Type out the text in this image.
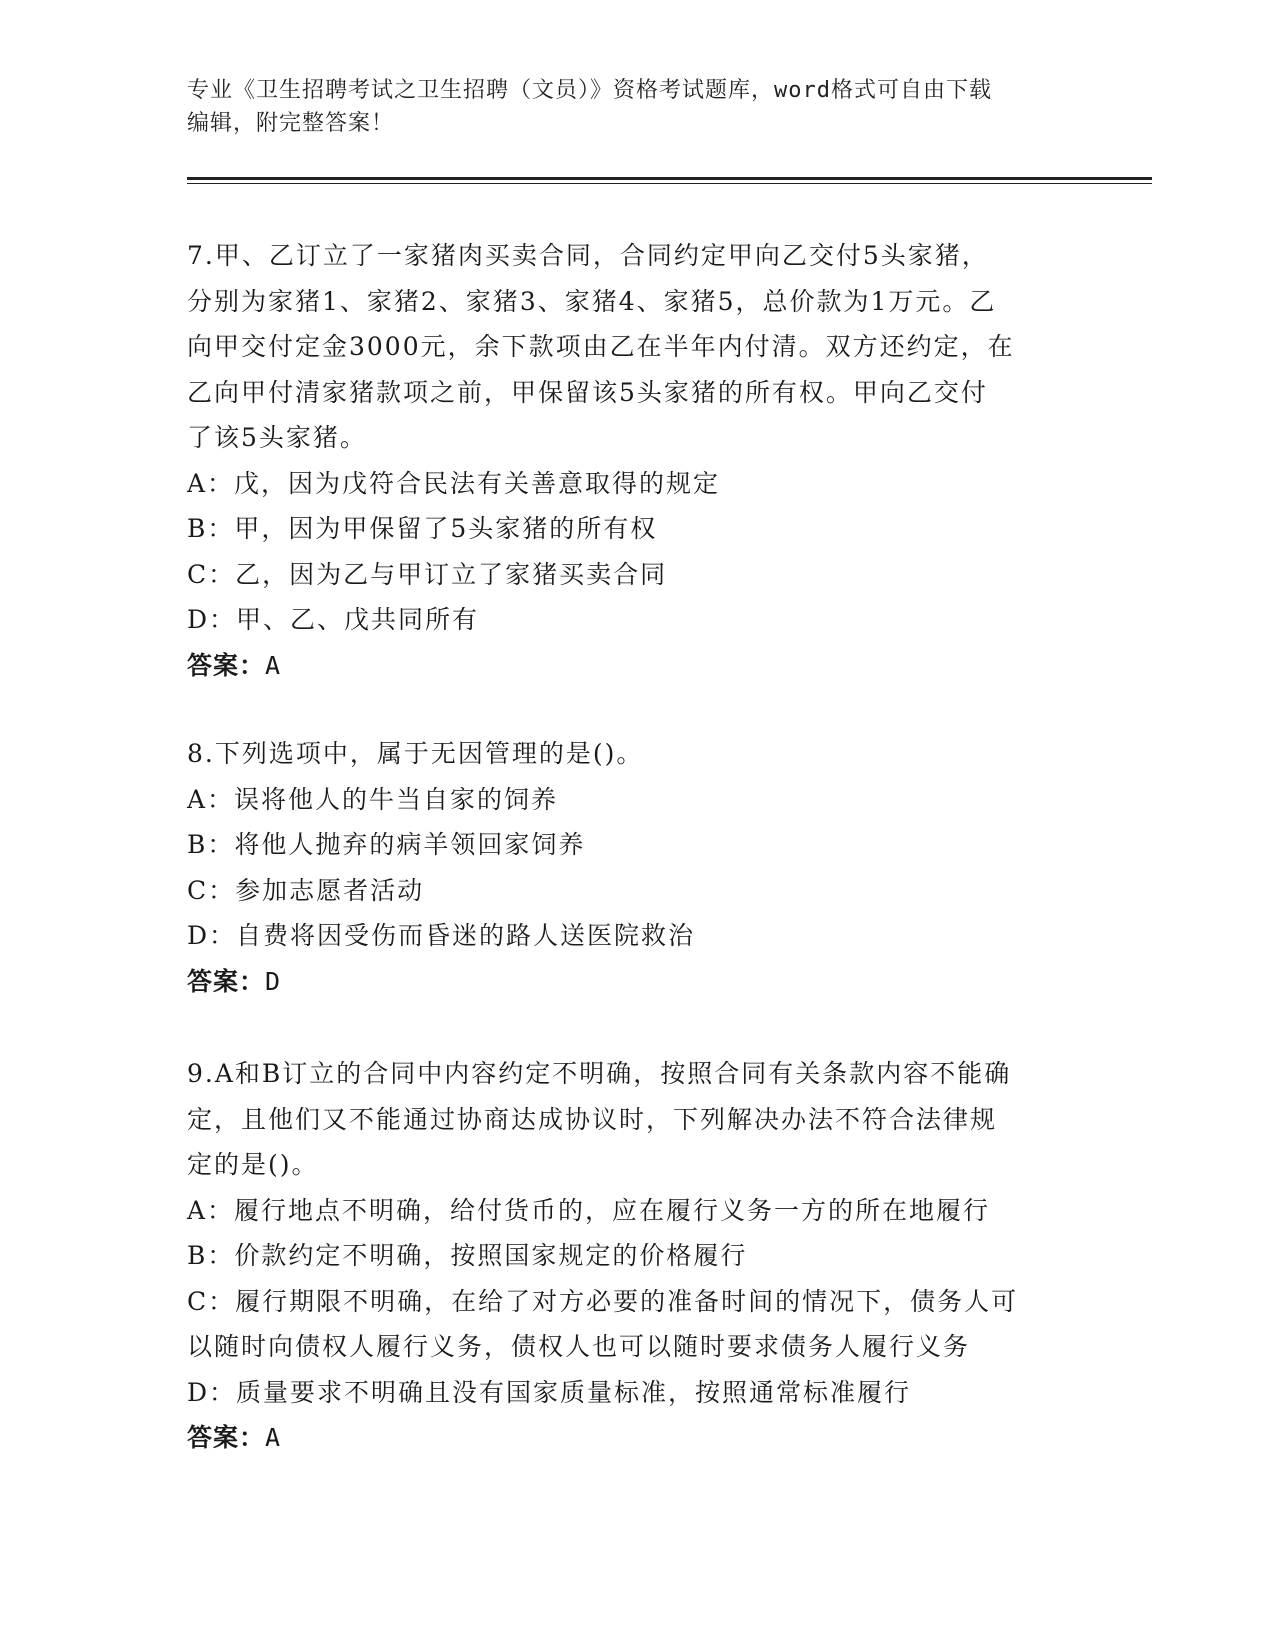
专业《卫生招聘考试之卫生招聘（文员）》资格考试题库，word格式可自由下载
编辑，附完整答案！
7.甲、乙订立了一家猪肉买卖合同，合同约定甲向乙交付5头家猪，
分别为家猪1、家猪2、家猪3、家猪4、家猪5，总价款为1万元。乙
向甲交付定金3000元，余下款项由乙在半年内付清。双方还约定，在
乙向甲付清家猪款项之前，甲保留该5头家猪的所有权。甲向乙交付
了该5头家猪。
A：戊，因为戊符合民法有关善意取得的规定
B：甲，因为甲保留了5头家猪的所有权
C：乙，因为乙与甲订立了家猪买卖合同
D：甲、乙、戊共同所有
答案：A
8.下列选项中，属于无因管理的是()。
A：误将他人的牛当自家的饲养
B：将他人抛弃的病羊领回家饲养
C：参加志愿者活动
D：自费将因受伤而昏迷的路人送医院救治
答案：D
9.A和B订立的合同中内容约定不明确，按照合同有关条款内容不能确
定，且他们又不能通过协商达成协议时，下列解决办法不符合法律规
定的是()。
A：履行地点不明确，给付货币的，应在履行义务一方的所在地履行
B：价款约定不明确，按照国家规定的价格履行
C：履行期限不明确，在给了对方必要的准备时间的情况下，债务人可
以随时向债权人履行义务，债权人也可以随时要求债务人履行义务
D：质量要求不明确且没有国家质量标准，按照通常标准履行
答案：A
